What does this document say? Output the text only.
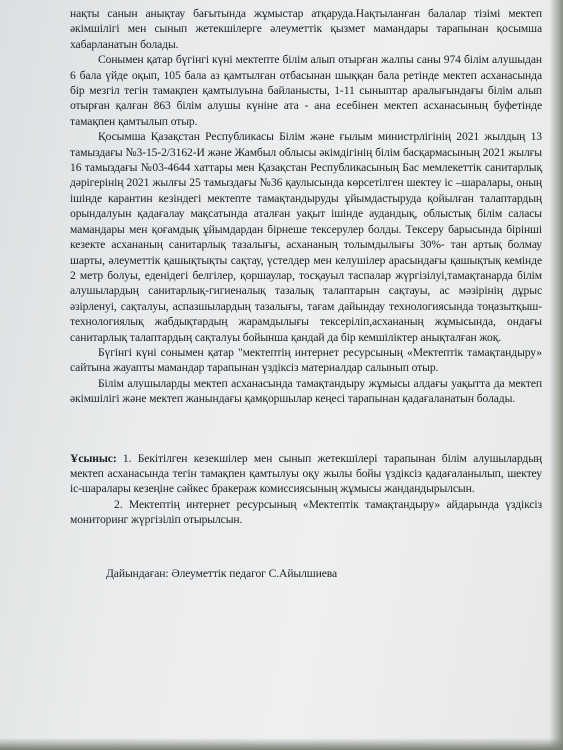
нақты санын анықтау бағытында жұмыстар атқаруда.Нақтыланған балалар тізімі мектеп әкімшілігі мен сынып жетекшілерге әлеуметтік қызмет мамандары тарапынан қосымша хабарланатын болады.

Сонымен қатар бүгінгі күні мектепте білім алып отырған жалпы саны 974 білім алушыдан 6 бала үйде оқып, 105 бала аз қамтылған отбасынан шыққан бала ретінде мектеп асханасында бір мезгіл тегін тамақпен қамтылуына байланысты, 1-11 сыныптар аралығындағы білім алып отырған қалған 863 білім алушы күніне ата - ана есебінен мектеп асханасының буфетінде тамақпен қамтылып отыр.

Қосымша Қазақстан Республикасы Білім және ғылым министрлігінің 2021 жылдың 13 тамыздағы №3-15-2/3162-И және Жамбыл облысы әкімдігінің білім басқармасының 2021 жылғы 16 тамыздағы №03-4644 хаттары мен Қазақстан Республикасының Бас мемлекеттік санитарлық дәрігерінің 2021 жылғы 25 тамыздағы №36 қаулысында көрсетілген шектеу іс –шаралары, оның ішінде карантин кезіндегі мектепте тамақтандыруды ұйымдастыруда қойылған талаптардың орындалуын қадағалау мақсатында аталған уақыт ішінде аудандық, облыстық білім саласы мамандары мен қоғамдық ұйымдардан бірнеше тексерулер болды. Тексеру барысында бірінші кезекте асхананың санитарлық тазалығы, асхананың толымдылығы 30%- тан артық болмау шарты, әлеуметтік қашықтықты сақтау, үстелдер мен келушілер арасындағы қашықтық кемінде 2 метр болуы, еденідегі белгілер, қоршаулар, тосқауыл таспалар жүргізілуі,тамақтанарда білім алушылардың санитарлық-гигиеналық тазалық талаптарын сақтауы, ас мәзірінің дұрыс әзірленуі, сақталуы, аспазшылардың тазалығы, тағам дайындау технологиясында тоңазытқыш-технологиялық жабдықтардың жарамдылығы тексеріліп,асхананың жұмысында, ондағы санитарлық талаптардың сақталуы бойынша қандай да бір кемшіліктер анықталған жоқ.

Бүгінгі күні сонымен қатар "мектептің интернет ресурсының «Мектептік тамақтандыру» сайтына жауапты мамандар тарапынан үздіксіз материалдар салынып отыр.

Білім алушыларды мектеп асханасында тамақтандыру жұмысы алдағы уақытта да мектеп әкімшілігі және мектеп жанындағы қамқоршылар кеңесі тарапынан қадағаланатын болады.

Ұсыныс: 1. Бекітілген кезекшілер мен сынып жетекшілері тарапынан білім алушылардың мектеп асханасында тегін тамақпен қамтылуы оқу жылы бойы үздіксіз қадағаланылып, шектеу іс-шаралары кезеңіне сәйкес бракераж комиссиясының жұмысы жандандырылсын.

2. Мектептің интернет ресурсының «Мектептік тамақтандыру» айдарында үздіксіз мониторинг жүргізіліп отырылсын.

Дайындаған: Әлеуметтік педагог С.Айылшиева
